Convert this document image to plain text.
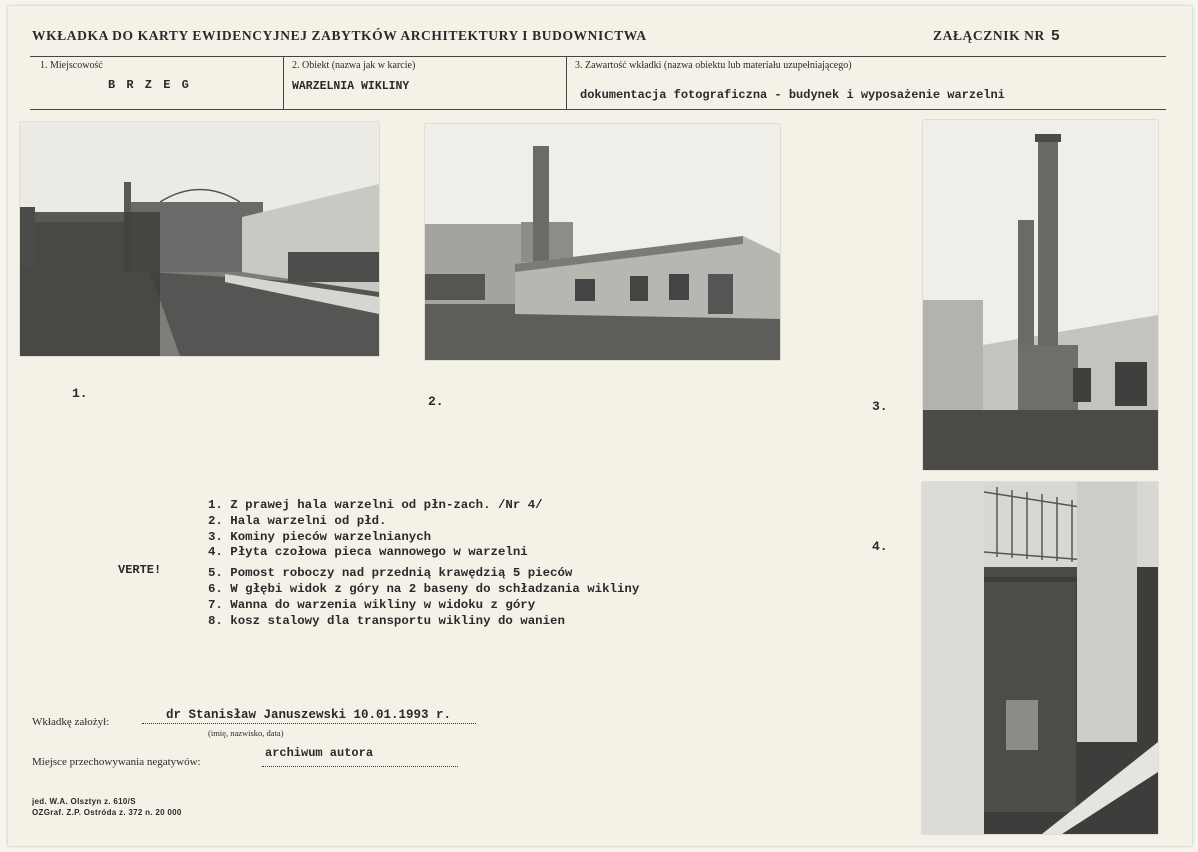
WKŁADKA DO KARTY EWIDENCYJNEJ ZABYTKÓW ARCHITEKTURY I BUDOWNICTWA	ZAŁĄCZNIK NR 5
1. Miejscowość
B R Z E G
2. Obiekt (nazwa jak w karcie)
WARZELNIA WIKLINY
3. Zawartość wkładki (nazwa obiektu lub materiału uzupełniającego)
dokumentacja fotograficzna - budynek i wyposażenie warzelni
1.
2.	3.
4.
VERTE!
1. Z prawej hala warzelni od płn-zach. /Nr 4/
2. Hala warzelni od płd.
3. Kominy pieców warzelnianych
4. Płyta czołowa pieca wannowego w warzelni
5. Pomost roboczy nad przednią krawędzią 5 pieców
6. W głębi widok z góry na 2 baseny do schładzania wikliny
7. Wanna do warzenia wikliny w widoku z góry
8. kosz stalowy dla transportu wikliny do wanien
Wkładkę założył:	dr Stanisław Januszewski 10.01.1993 r.
(imię, nazwisko, data)
Miejsce przechowywania negatywów:
archiwum autora
jed. W.A. Olsztyn z. 610/S
OZGraf. Z.P. Ostróda z. 372 n. 20 000
